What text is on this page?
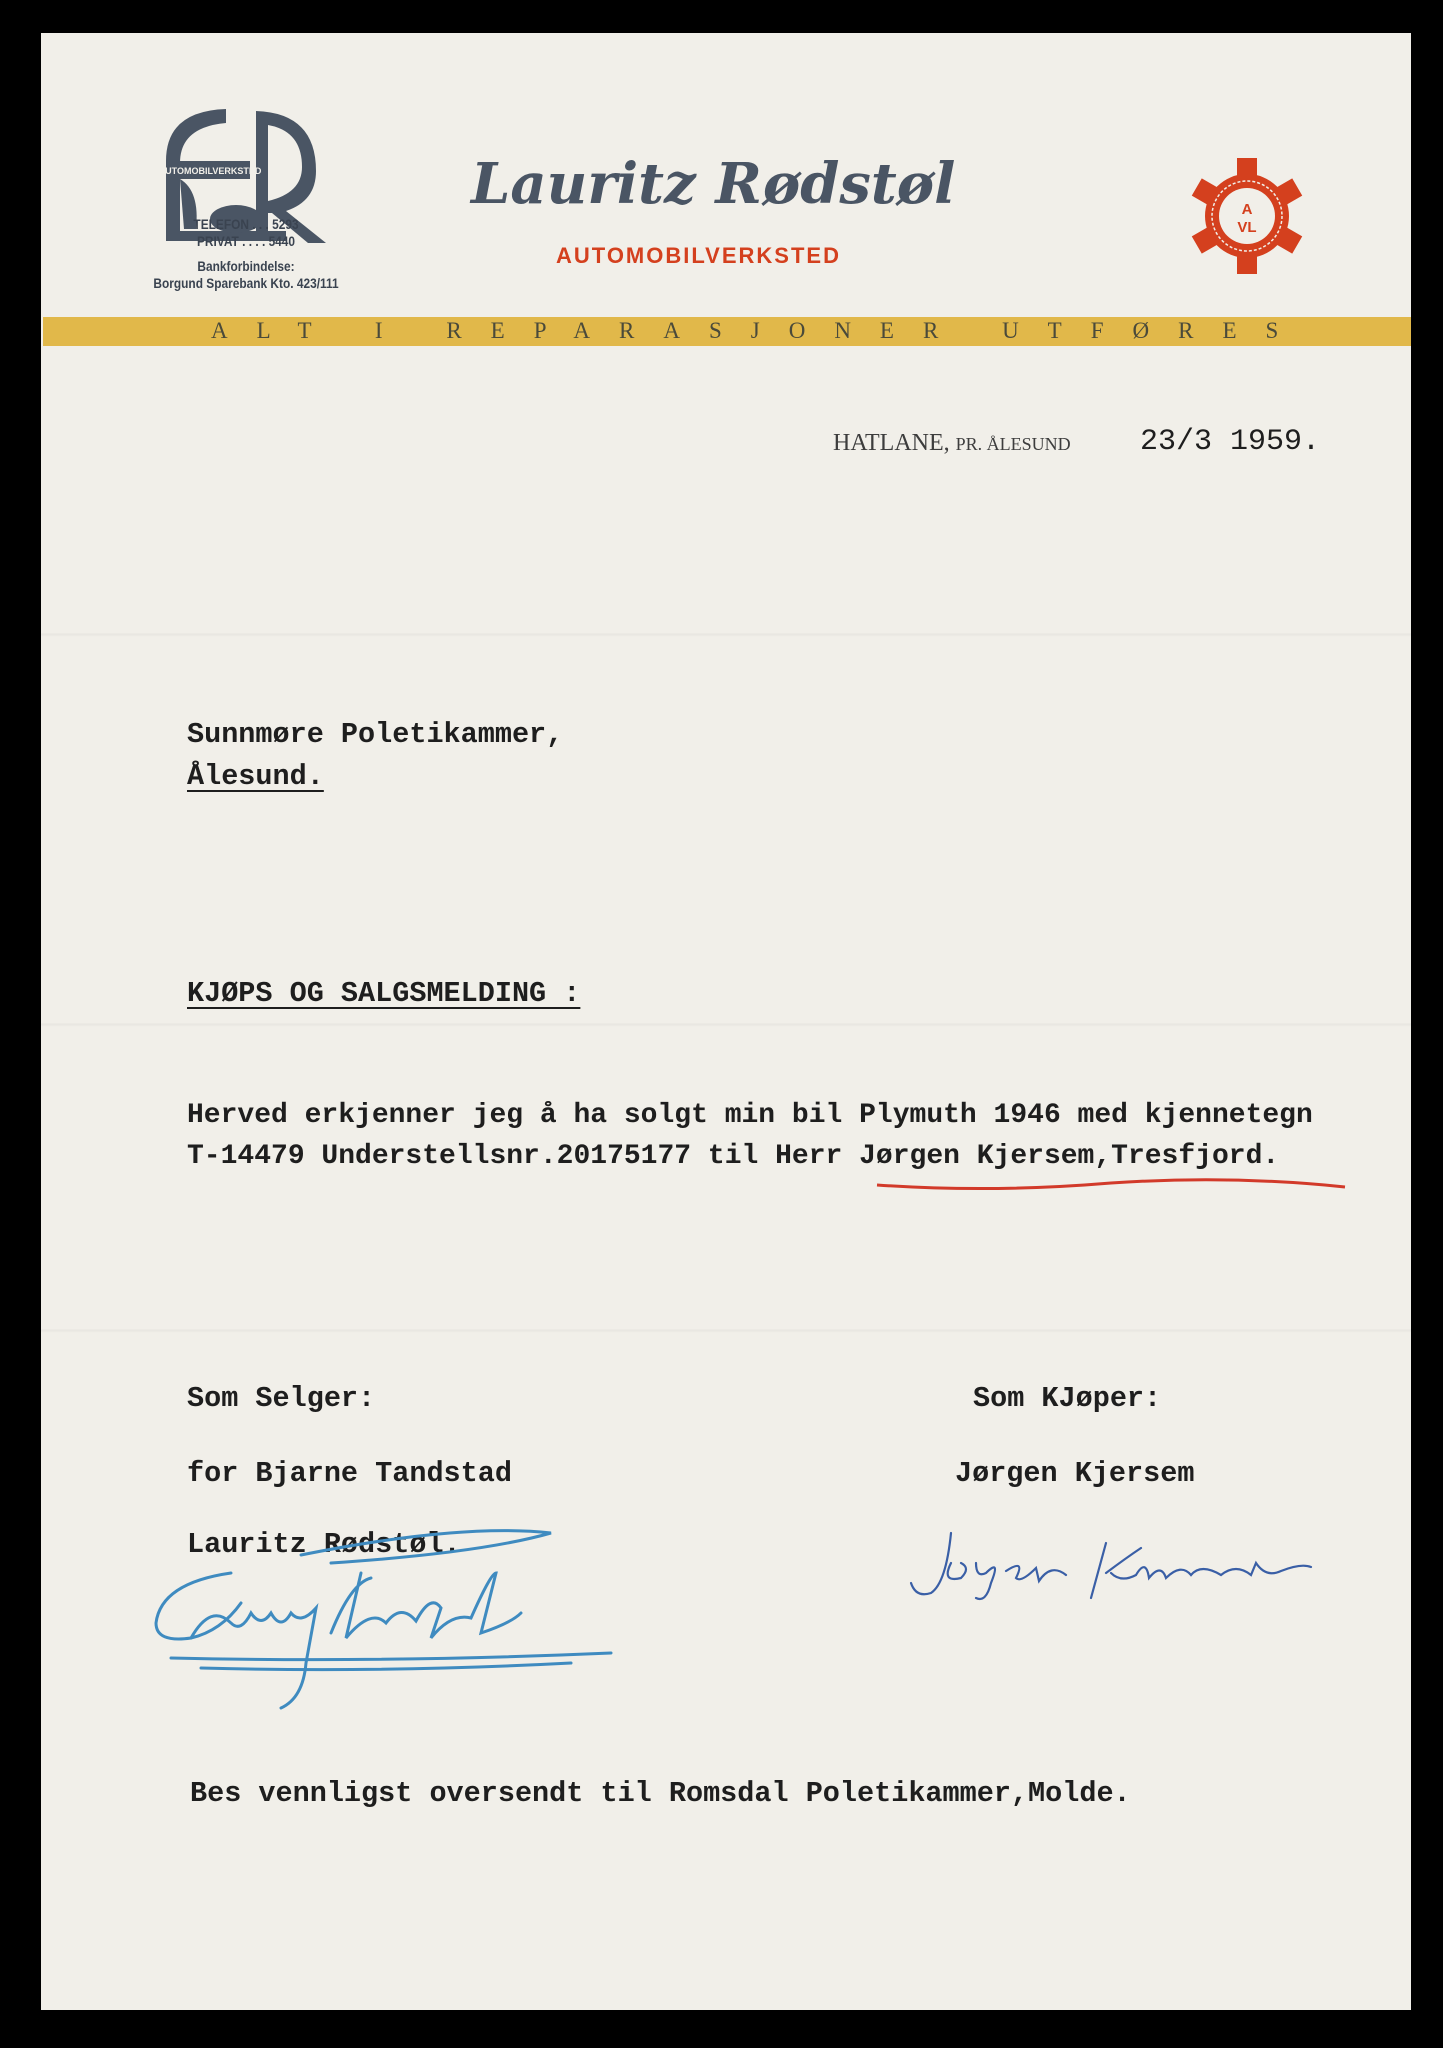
AUTOMOBILVERKSTED
TELEFON . . . 5293
PRIVAT . . . . 5440
Bankforbindelse:
Borgund Sparebank Kto. 423/111
Lauritz Rødstøl
AUTOMOBILVERKSTED
A
VL
ALT I REPARASJONER UTFØRES
HATLANE, PR. ÅLESUND 23/3 1959.
Sunnmøre Poletikammer,
Ålesund.
KJØPS OG SALGSMELDING :
Herved erkjenner jeg å ha solgt min bil Plymuth 1946 med kjennetegn
T-14479 Understellsnr.20175177 til Herr Jørgen Kjersem,Tresfjord.
Som Selger:	Som KJøper:
for Bjarne Tandstad	Jørgen Kjersem
Lauritz Rødstøl.
Bes vennligst oversendt til Romsdal Poletikammer,Molde.
